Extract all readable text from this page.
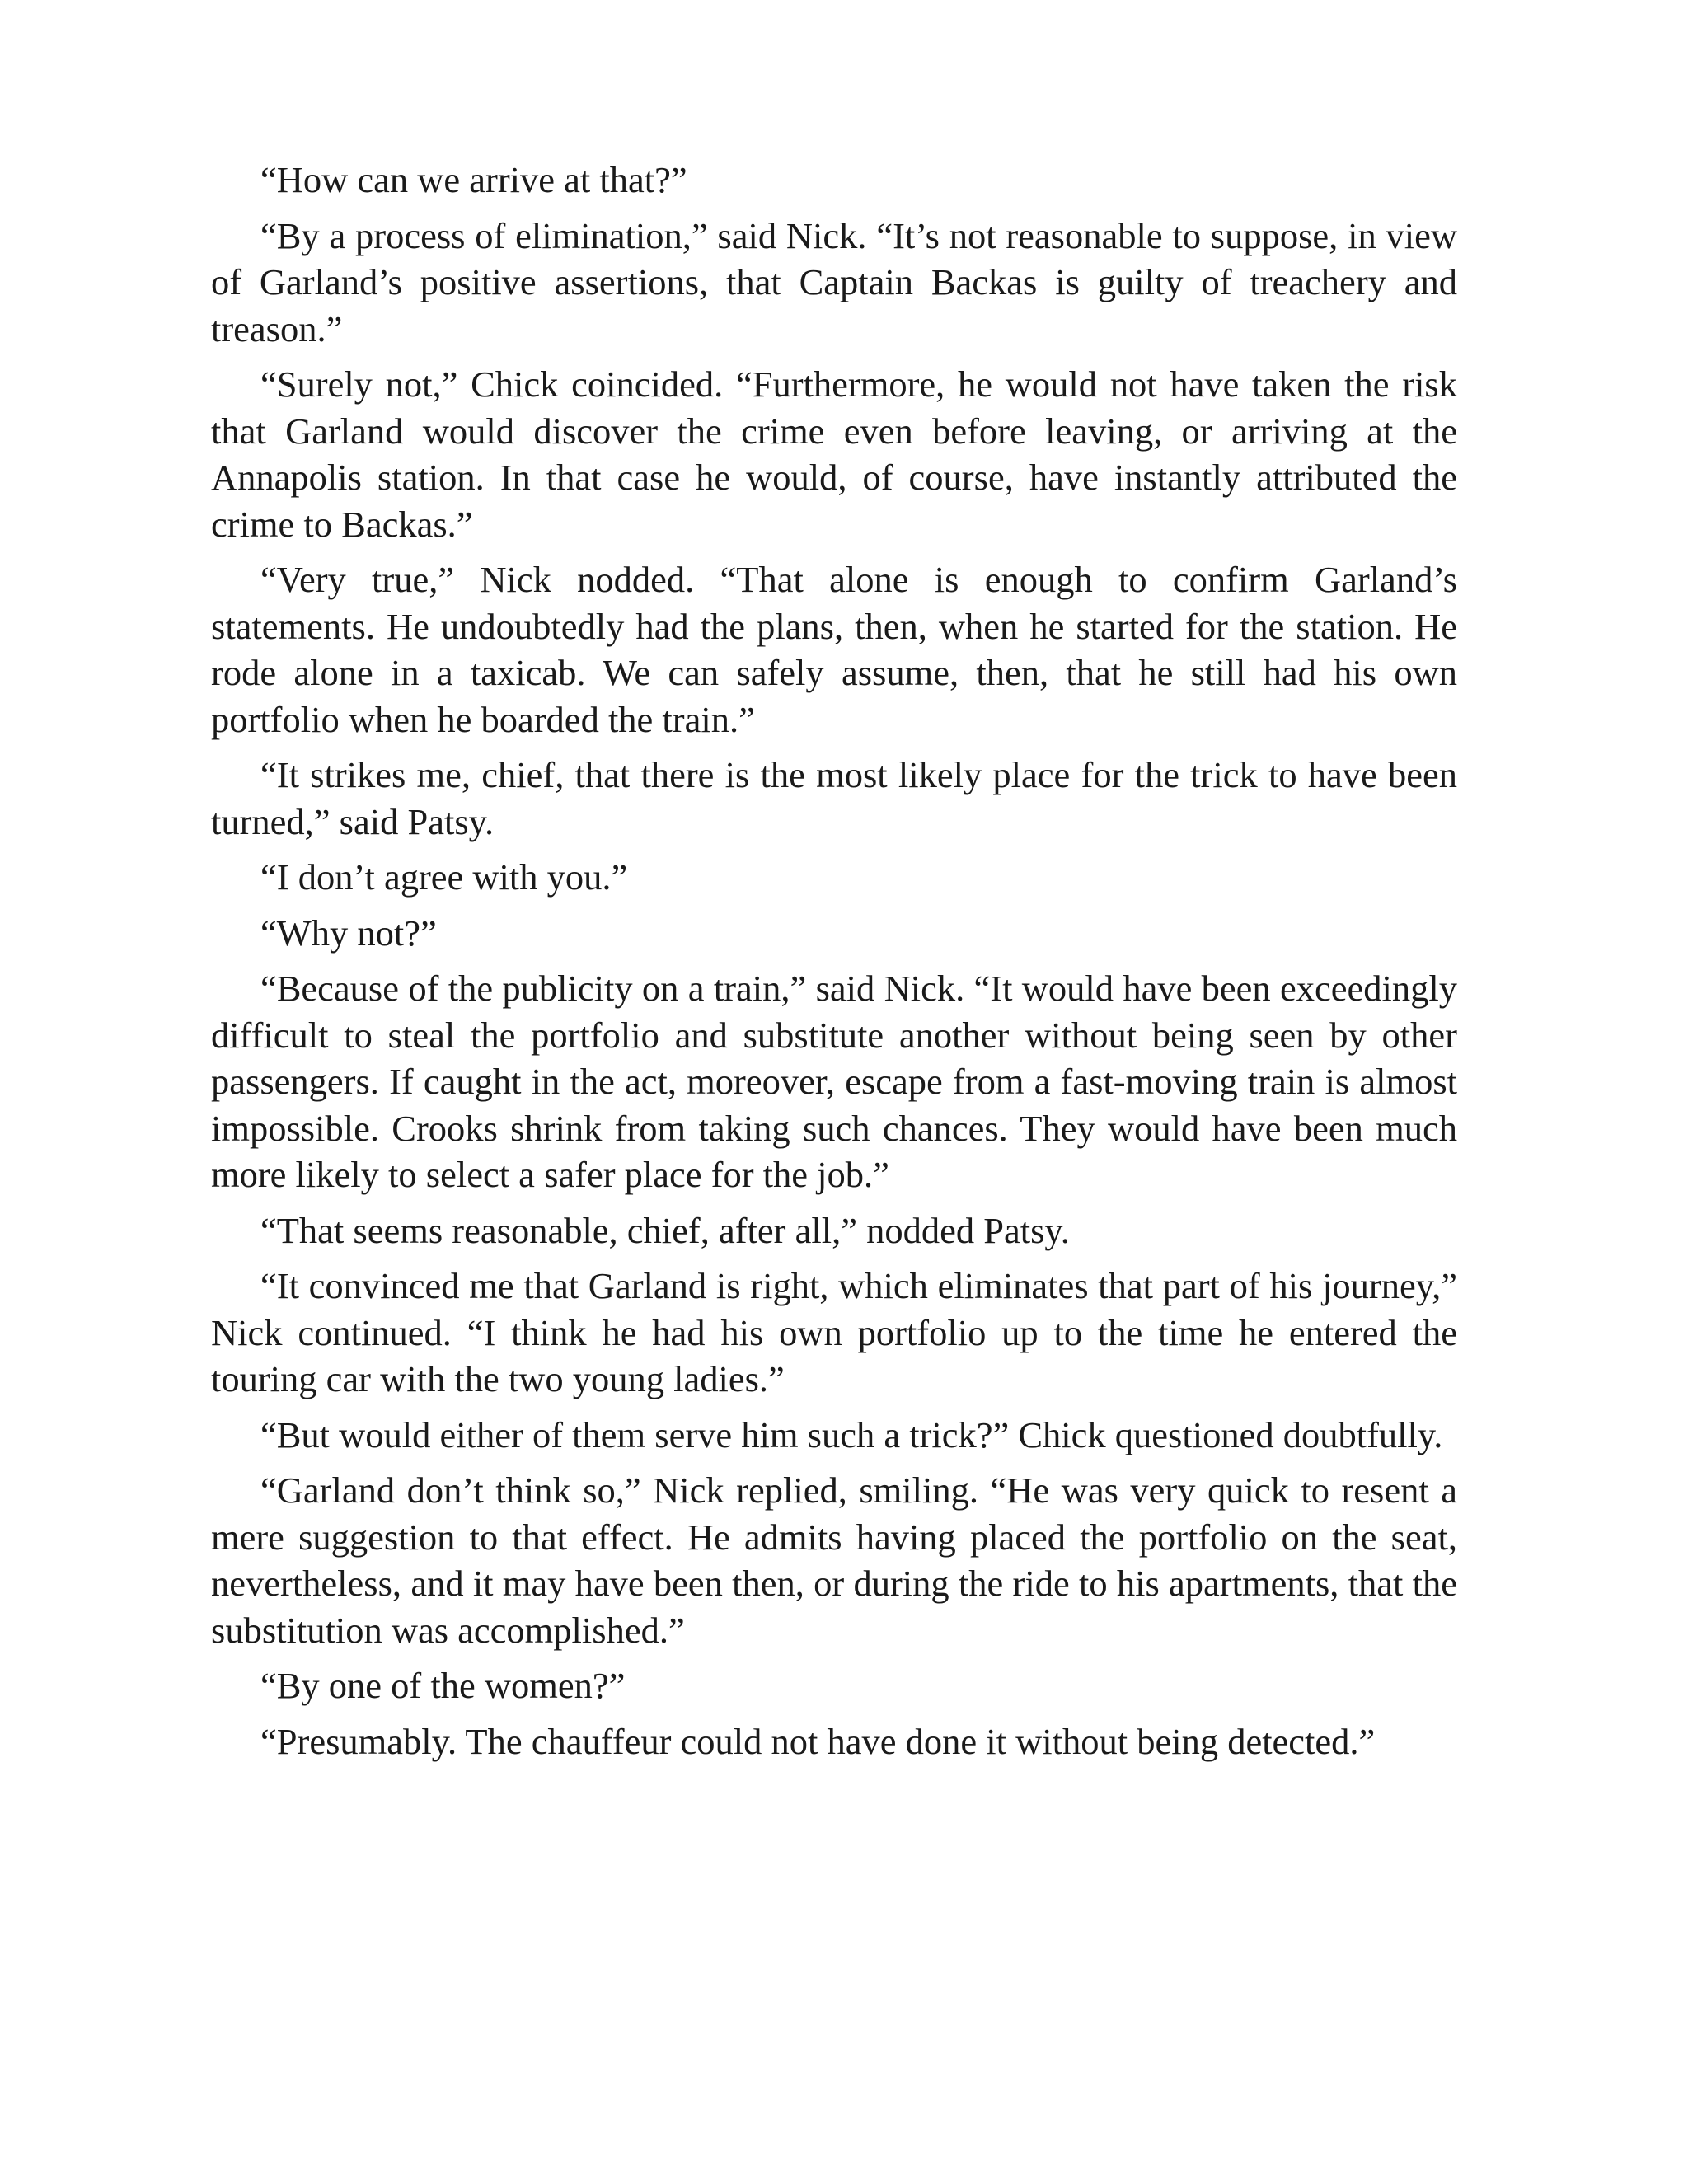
“How can we arrive at that?”

“By a process of elimination,” said Nick. “It’s not reasonable to suppose, in view of Garland’s positive assertions, that Captain Backas is guilty of treachery and treason.”

“Surely not,” Chick coincided. “Furthermore, he would not have taken the risk that Garland would discover the crime even before leaving, or arriving at the Annapolis station. In that case he would, of course, have instantly attributed the crime to Backas.”

“Very true,” Nick nodded. “That alone is enough to confirm Garland’s statements. He undoubtedly had the plans, then, when he started for the station. He rode alone in a taxicab. We can safely assume, then, that he still had his own portfolio when he boarded the train.”

“It strikes me, chief, that there is the most likely place for the trick to have been turned,” said Patsy.

“I don’t agree with you.”

“Why not?”

“Because of the publicity on a train,” said Nick. “It would have been exceedingly difficult to steal the portfolio and substitute another without being seen by other passengers. If caught in the act, moreover, escape from a fast-moving train is almost impossible. Crooks shrink from taking such chances. They would have been much more likely to select a safer place for the job.”

“That seems reasonable, chief, after all,” nodded Patsy.

“It convinced me that Garland is right, which eliminates that part of his journey,” Nick continued. “I think he had his own portfolio up to the time he entered the touring car with the two young ladies.”

“But would either of them serve him such a trick?” Chick questioned doubtfully.

“Garland don’t think so,” Nick replied, smiling. “He was very quick to resent a mere suggestion to that effect. He admits having placed the portfolio on the seat, nevertheless, and it may have been then, or during the ride to his apartments, that the substitution was accomplished.”

“By one of the women?”

“Presumably. The chauffeur could not have done it without being detected.”
